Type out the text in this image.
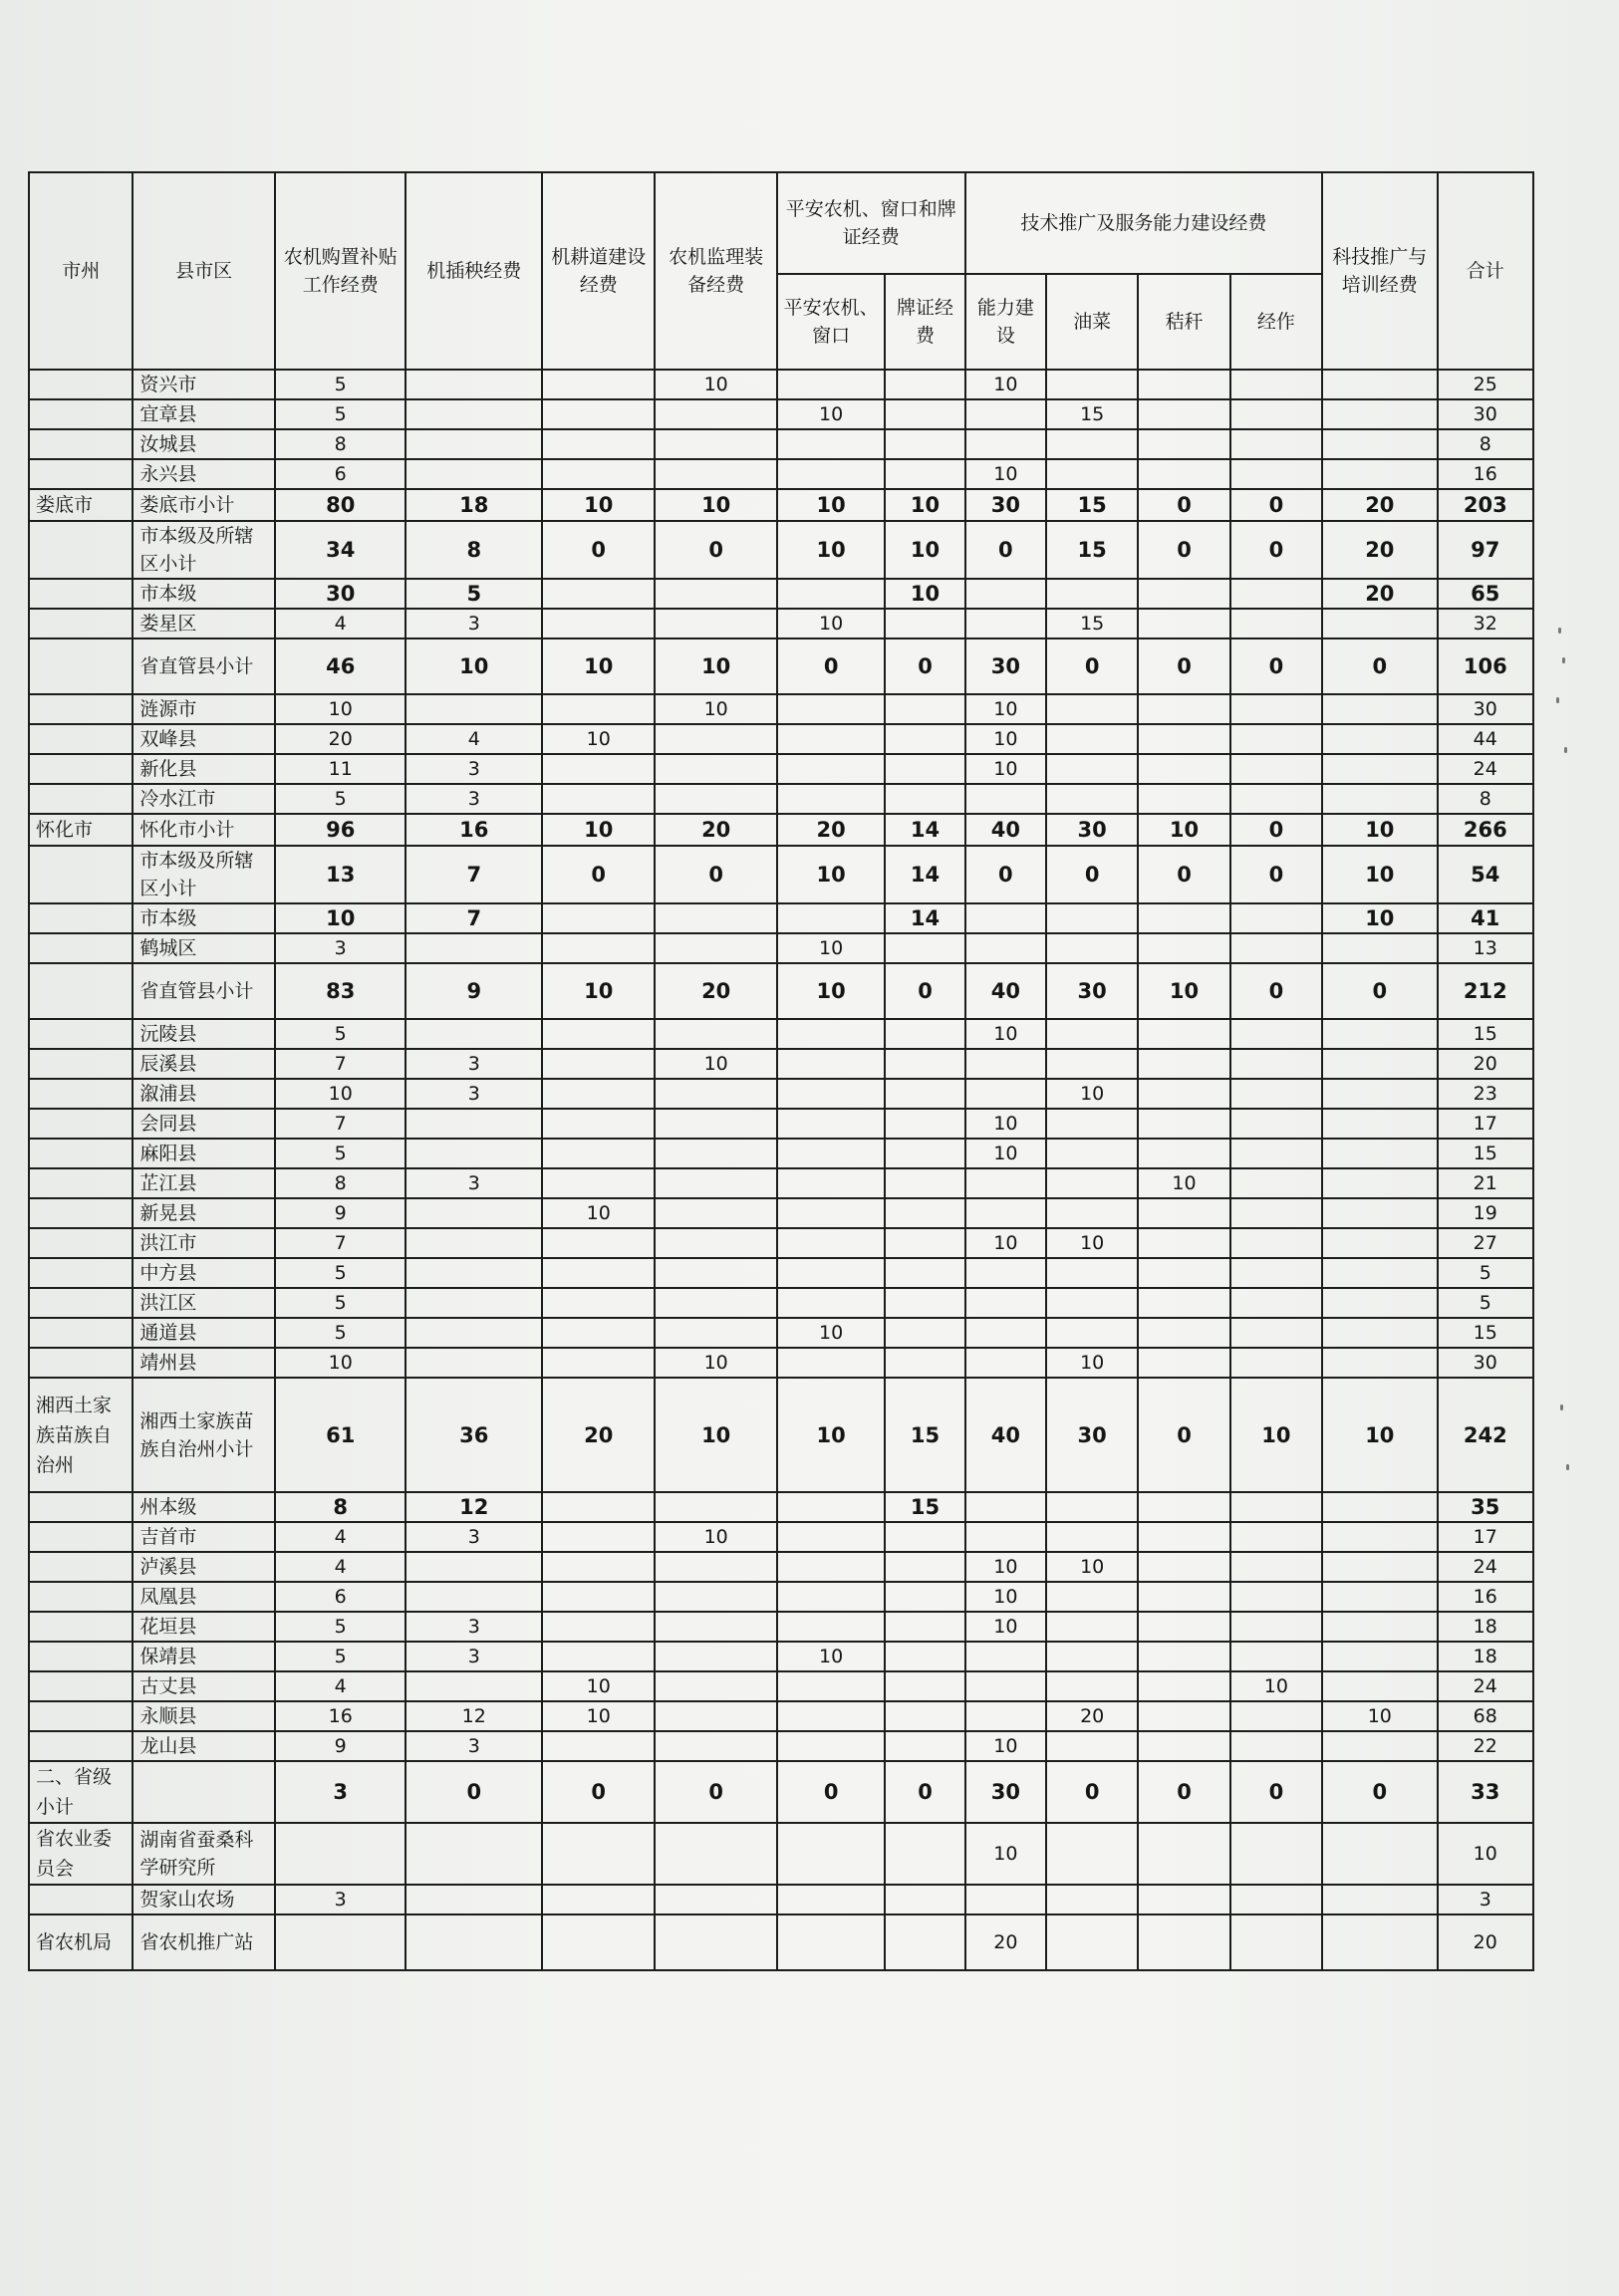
市州	县市区	农机购置补贴工作经费	机插秧经费	机耕道建设经费	农机监理装备经费	平安农机、窗口和牌证经费		技术推广及服务能力建设经费				科技推广与培训经费	合计
						平安农机、窗口	牌证经费	能力建设	油菜	秸秆	经作		
	资兴市	5			10			10					25
	宜章县	5				10			15				30
	汝城县	8											8
	永兴县	6						10					16
娄底市	娄底市小计	80	18	10	10	10	10	30	15	0	0	20	203
	市本级及所辖区小计	34	8	0	0	10	10	0	15	0	0	20	97
	市本级	30	5				10					20	65
	娄星区	4	3			10			15				32
	省直管县小计	46	10	10	10	0	0	30	0	0	0	0	106
	涟源市	10			10			10					30
	双峰县	20	4	10				10					44
	新化县	11	3					10					24
	冷水江市	5	3										8
怀化市	怀化市小计	96	16	10	20	20	14	40	30	10	0	10	266
	市本级及所辖区小计	13	7	0	0	10	14	0	0	0	0	10	54
	市本级	10	7				14					10	41
	鹤城区	3				10							13
	省直管县小计	83	9	10	20	10	0	40	30	10	0	0	212
	沅陵县	5						10					15
	辰溪县	7	3		10								20
	溆浦县	10	3						10				23
	会同县	7						10					17
	麻阳县	5						10					15
	芷江县	8	3							10			21
	新晃县	9		10									19
	洪江市	7						10	10				27
	中方县	5											5
	洪江区	5											5
	通道县	5				10							15
	靖州县	10			10				10				30
湘西土家族苗族自治州	湘西土家族苗族自治州小计	61	36	20	10	10	15	40	30	0	10	10	242
	州本级	8	12				15						35
	吉首市	4	3		10								17
	泸溪县	4						10	10				24
	凤凰县	6						10					16
	花垣县	5	3					10					18
	保靖县	5	3			10							18
	古丈县	4		10							10		24
	永顺县	16	12	10					20			10	68
	龙山县	9	3					10					22
二、省级小计		3	0	0	0	0	0	30	0	0	0	0	33
省农业委员会	湖南省蚕桑科学研究所							10					10
	贺家山农场	3											3
省农机局	省农机推广站							20					20
